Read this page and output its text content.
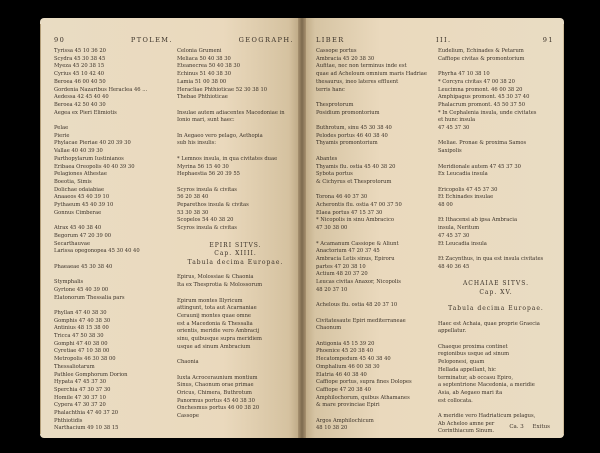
90	PTOLEM.	GEOGRAPH.
Tyrissa 45 10 36 20
Scydra 45 30 38 45
Myeza 45 20 38 15
Cyrius 45 10 42 40
Beroea 46 00 40 50
Gordenia Nazaribus Heraclea 46 ...
Aedessa 42 45 40 40
Beroea 42 50 40 30
Aegea ex Pieri Elimiotis

Pelae
Pierie
Phylacae Pieriae 40 20 39 30
Vallae 40 40 39 30
Parthopylarum Iustinianos
Eribaea Oreopolis 40 40 39 30
Pelagiones Athestae
Boeotia, Simis
Dolichae odaiabiae
Anaaeos 45 40 39 10
Pythaeum 45 40 39 10
Gonnus Cimberae

Atrax 45 40 38 40
Begorum 47 20 39 00
Secarthauvae
Larissa opegonopea 45 30 40 40

Phaeaeae 45 30 38 40

Stymphalis
Gyrtone 45 40 39 00
Elatonorum Thessalia pars

Phyllan 47 40 38 30
Gomphis 47 40 38 30
Antinius 48 15 38 00
Tricca 47 50 38 30
Gomphi 47 40 38 00
Cyretiae 47 10 38 00
Metropolis 46 30 38 00
Thessaliotarum
Pathlee Gomphorum Dorion
Hypata 47 45 37 30
Sperchia 47 30 37 30
Homile 47 30 37 10
Cypera 47 30 37 20
Phalachthia 47 40 37 20
Phthiotidis
Narthacium 49 10 38 15
Celonia Grumeni
Meliaca 50 40 38 30
Eteanecrea 50 40 38 30
Echinus 51 40 38 30
Lamia 51 00 38 00
Heracliae Phthioticae 52 30 38 10
Thebae Phthioticae

Insulae autem adiacentes Macedoniae in
Ionio mari, sunt haec:

In Aegaeo vero pelago, Aethopia
sub his insulis:

* Lemnos insula, in qua civitates duae
Myrina 56 15 40 30
Hephaestia 56 20 39 55

Scyros insula & civitas
56 20 38 40
Peparethos insula & civitas
53 30 38 30
Scopelos 54 40 38 20
Scyros insula & civitas

EPIRI SITVS.
Cap. XIIII.
Tabula decima Europae.

Epirus, Molossiae & Chaonia
Ita ex Thesprotia & Molossorum

Epirum montes Illyricum
attingunt, tota aut Acarnaniae
Ceraunij montes quae omne
est a Macedonia & Thessalia
orientis, meridie vero Ambracij
sinu, quibusque supra meridiem
usque ad sinum Ambracium

Chaonia

Iuxta Acroceraunium montium
Sinus, Chaonum orae primae
Oricus, Chimera, Buthrotum
Panormus portus 45 40 38 30
Onchesmus portus 46 00 38 20
Cassope
LIBER	III.	91
Cassope portus
Ambracia 45 20 38 30
Aufitae, nec non terminus inde est
quae ad Acheloum omnium maris Hadriae
thesaurus, ineo lateres effluent
terris hanc

Thesprotorum
Posidium promontorium

Buthrotum, sinu 45 30 38 40
Pelodes portus 46 40 38 40
Thyamis promontorium

Abantes
Thyamis flu. ostia 45 40 38 20
Sybota portus
& Cichyrus et Thesprotorum

Torona 46 40 37 30
Acherontis flu. ostia 47 00 37 50
Elaea portus 47 15 37 30
* Nicopolis in sinu Ambracico
47 30 38 00

* Acamanum Cassiope & Aliunt
Anactorium 47 20 37 45
Ambracia Letis sinus, Epiroru
partes 47 20 38 10
Actium 48 20 37 20
Leucas civitas Anaxor, Nicopolis
48 20 37 10

Achelous flu. ostia 48 20 37 10

Civitatesaute Epiri mediterraneae
Chaonum

Antigonia 45 15 39 20
Phoenice 45 20 38 40
Hecatompedum 45 40 38 40
Omphalium 46 00 38 30
Elatria 46 40 38 40
Caffiope portus, supra fines Dolopes
Caffiope 47 20 38 40
Amphilochorum, quibus Athamanes
& mare provinciae Epiri

Argos Amphilochicum
48 10 38 20
Eudelium, Echinades & Petarum
Caffiope civitas & promontorium

Phyrha 47 10 38 10
* Corcyra civitas 47 00 38 20
Leucimna promont. 46 00 38 20
Amphipagus promont. 45 30 37 40
Phalacrum promont. 45 50 37 50
* In Cephalenia insula, unde civitates
et hunc insula
47 45 37 30

Meliae. Pronae & proxima Samos
Saxipolis

Meridionale autem 47 45 37 30
Ex Leucadia insula

Ericopolis 47 45 37 30
Et Echinades insulae
48 00

Et Ithacensi ab ipsa Ambracia
insula, Neritum
47 45 37 30
Et Leucadia insula

Et Zacynthus, in qua est insula civitates
48 40 36 45

ACHAIAE SITVS.
Cap. XV.

Tabula decima Europae.

Haec est Achaia, quae proprie Graecia
appellatur.

Chaeque proxima continet
regionibus usque ad sinum
Peloponesi, quam
Hellada appellant, hic
terminatur, ab occasu Epiro,
a septentrione Macedonia, a meridie
Asia, ab Aegaeo mari ita
est collocata.

A meridie vero Hadriaticum pelagus,
Ab Acheloo amne per
Corinthiacum Sinum.
Ca. 3 Exitus
